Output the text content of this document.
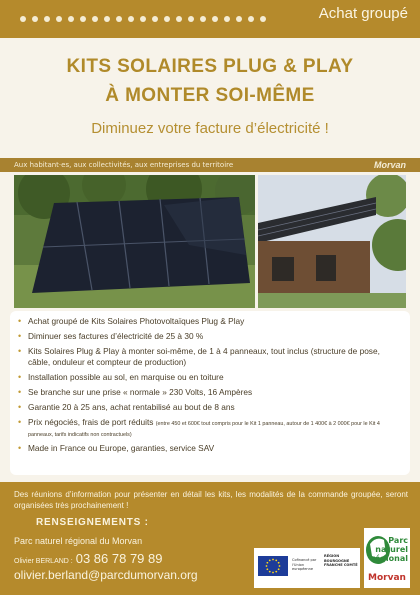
Achat groupé
KITS SOLAIRES PLUG & PLAY
À MONTER SOI-MÊME
Diminuez votre facture d’électricité !
Aux habitant·es, aux collectivités, aux entreprises du territoire	Morvan
• Achat groupé de Kits Solaires Photovoltaïques Plug & Play
• Diminuer ses factures d’électricité de 25 à 30 %
• Kits Solaires Plug & Play à monter soi-même, de 1 à 4 panneaux, tout inclus (structure de pose, câble, onduleur et compteur de production)
• Installation possible au sol, en marquise ou en toiture
• Se branche sur une prise « normale » 230 Volts, 16 Ampères
• Garantie 20 à 25 ans, achat rentabilisé au bout de 8 ans
• Prix négociés, frais de port réduits (entre 450 et 600€ tout compris pour le Kit 1 panneau, autour de 1 400€ à 2 000€ pour le Kit 4 panneaux, tarifs indicatifs non contractuels)
• Made in France ou Europe, garanties, service SAV
Des réunions d’information pour présenter en détail les kits, les modalités de la commande groupée, seront organisées très prochainement !
RENSEIGNEMENTS :
Parc naturel régional du Morvan
Olivier BERLAND : 03 86 78 79 89
olivier.berland@parcdumorvan.org
Cofinancé par l'Union européenne
RÉGION BOURGOGNE FRANCHE COMTÉ
Parc naturel régional
Morvan
